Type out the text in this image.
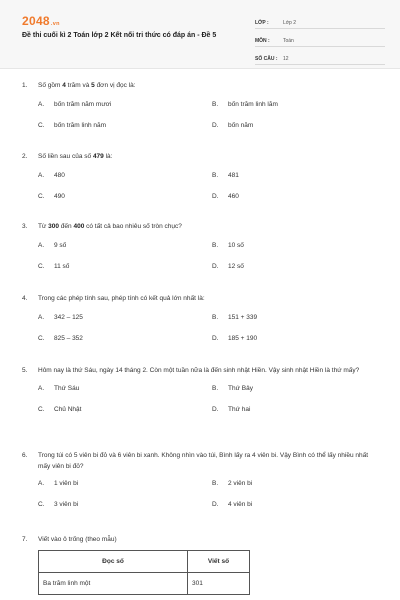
2048.vn
Đề thi cuối kì 2 Toán lớp 2 Kết nối tri thức có đáp án - Đề 5
LỚP :	Lớp 2
MÔN :	Toán
SỐ CÂU :	12
1.	Số gồm 4 trăm và 5 đơn vị đọc là:
A.	bốn trăm năm mươi	B.	bốn trăm linh lăm
C.	bốn trăm linh năm	D.	bốn năm
2.	Số liền sau của số 479 là:
A.	480	B.	481
C.	490	D.	460
3.	Từ 300 đến 400 có tất cả bao nhiêu số tròn chục?
A.	9 số	B.	10 số
C.	11 số	D.	12 số
4.	Trong các phép tính sau, phép tính có kết quả lớn nhất là:
A.	342 – 125	B.	151 + 339
C.	825 – 352	D.	185 + 190
5.	Hôm nay là thứ Sáu, ngày 14 tháng 2. Còn một tuần nữa là đến sinh nhật Hiền. Vậy sinh nhật Hiền là thứ mấy?
A.	Thứ Sáu	B.	Thứ Bảy
C.	Chủ Nhật	D.	Thứ hai
6.	Trong túi có 5 viên bi đỏ và 6 viên bi xanh. Không nhìn vào túi, Bình lấy ra 4 viên bi. Vậy Bình có thể lấy nhiều nhất mấy viên bi đỏ?
A.	1 viên bi	B.	2 viên bi
C.	3 viên bi	D.	4 viên bi
7.	Viết vào ô trống (theo mẫu)
Đọc số	Viết số
Ba trăm linh một	301
